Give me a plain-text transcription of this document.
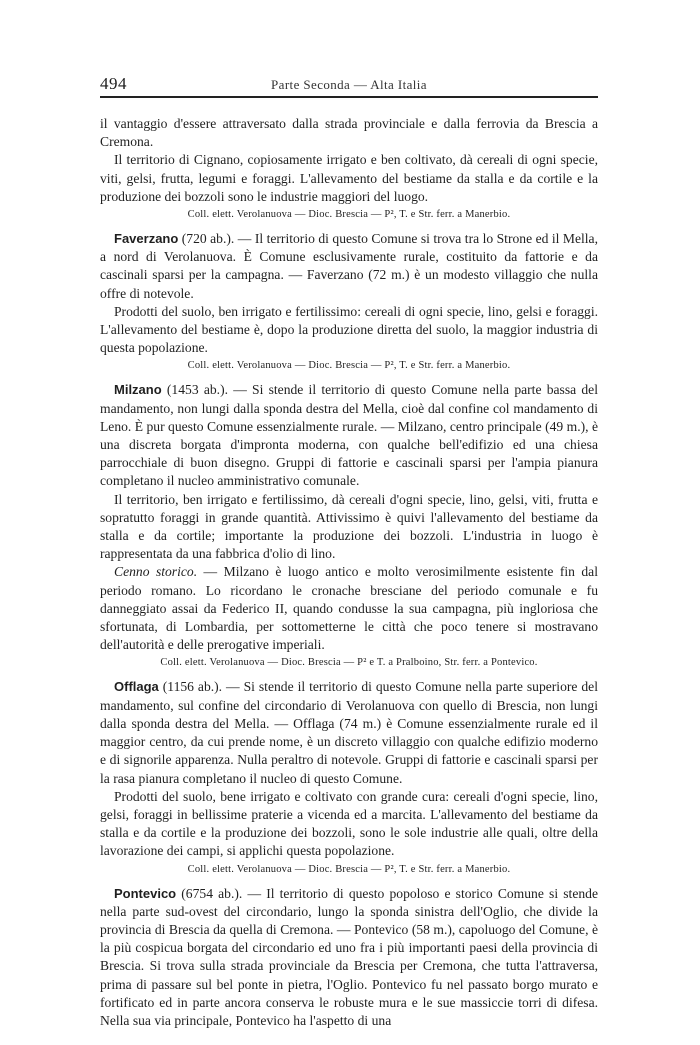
494	Parte Seconda — Alta Italia

il vantaggio d'essere attraversato dalla strada provinciale e dalla ferrovia da Brescia a Cremona.

Il territorio di Cignano, copiosamente irrigato e ben coltivato, dà cereali di ogni specie, viti, gelsi, frutta, legumi e foraggi. L'allevamento del bestiame da stalla e da cortile e la produzione dei bozzoli sono le industrie maggiori del luogo.

Coll. elett. Verolanuova — Dioc. Brescia — P², T. e Str. ferr. a Manerbio.

Faverzano (720 ab.). — Il territorio di questo Comune si trova tra lo Strone ed il Mella, a nord di Verolanuova. È Comune esclusivamente rurale, costituito da fattorie e da cascinali sparsi per la campagna. — Faverzano (72 m.) è un modesto villaggio che nulla offre di notevole.

Prodotti del suolo, ben irrigato e fertilissimo: cereali di ogni specie, lino, gelsi e foraggi. L'allevamento del bestiame è, dopo la produzione diretta del suolo, la maggior industria di questa popolazione.

Coll. elett. Verolanuova — Dioc. Brescia — P², T. e Str. ferr. a Manerbio.

Milzano (1453 ab.). — Si stende il territorio di questo Comune nella parte bassa del mandamento, non lungi dalla sponda destra del Mella, cioè dal confine col mandamento di Leno. È pur questo Comune essenzialmente rurale. — Milzano, centro principale (49 m.), è una discreta borgata d'impronta moderna, con qualche bell'edifizio ed una chiesa parrocchiale di buon disegno. Gruppi di fattorie e cascinali sparsi per l'ampia pianura completano il nucleo amministrativo comunale.

Il territorio, ben irrigato e fertilissimo, dà cereali d'ogni specie, lino, gelsi, viti, frutta e sopratutto foraggi in grande quantità. Attivissimo è quivi l'allevamento del bestiame da stalla e da cortile; importante la produzione dei bozzoli. L'industria in luogo è rappresentata da una fabbrica d'olio di lino.

Cenno storico. — Milzano è luogo antico e molto verosimilmente esistente fin dal periodo romano. Lo ricordano le cronache bresciane del periodo comunale e fu danneggiato assai da Federico II, quando condusse la sua campagna, più ingloriosa che sfortunata, di Lombardia, per sottometterne le città che poco tenere si mostravano dell'autorità e delle prerogative imperiali.

Coll. elett. Verolanuova — Dioc. Brescia — P² e T. a Pralboino, Str. ferr. a Pontevico.

Offlaga (1156 ab.). — Si stende il territorio di questo Comune nella parte superiore del mandamento, sul confine del circondario di Verolanuova con quello di Brescia, non lungi dalla sponda destra del Mella. — Offlaga (74 m.) è Comune essenzialmente rurale ed il maggior centro, da cui prende nome, è un discreto villaggio con qualche edifizio moderno e di signorile apparenza. Nulla peraltro di notevole. Gruppi di fattorie e cascinali sparsi per la rasa pianura completano il nucleo di questo Comune.

Prodotti del suolo, bene irrigato e coltivato con grande cura: cereali d'ogni specie, lino, gelsi, foraggi in bellissime praterie a vicenda ed a marcita. L'allevamento del bestiame da stalla e da cortile e la produzione dei bozzoli, sono le sole industrie alle quali, oltre della lavorazione dei campi, si applichi questa popolazione.

Coll. elett. Verolanuova — Dioc. Brescia — P², T. e Str. ferr. a Manerbio.

Pontevico (6754 ab.). — Il territorio di questo popoloso e storico Comune si stende nella parte sud-ovest del circondario, lungo la sponda sinistra dell'Oglio, che divide la provincia di Brescia da quella di Cremona. — Pontevico (58 m.), capoluogo del Comune, è la più cospicua borgata del circondario ed uno fra i più importanti paesi della provincia di Brescia. Si trova sulla strada provinciale da Brescia per Cremona, che tutta l'attraversa, prima di passare sul bel ponte in pietra, l'Oglio. Pontevico fu nel passato borgo murato e fortificato ed in parte ancora conserva le robuste mura e le sue massiccie torri di difesa. Nella sua via principale, Pontevico ha l'aspetto di una
